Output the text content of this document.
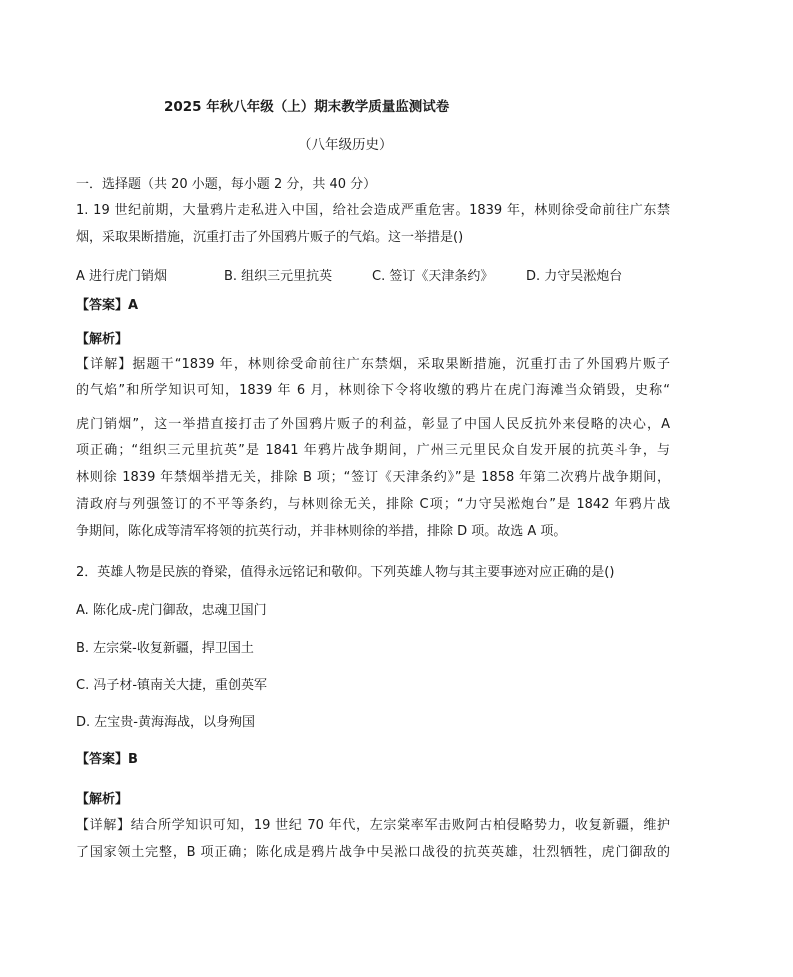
2025 年秋八年级（上）期末教学质量监测试卷
（八年级历史）
一．选择题（共 20 小题，每小题 2 分，共 40 分）
1. 19 世纪前期，大量鸦片走私进入中国，给社会造成严重危害。1839 年，林则徐受命前往广东禁
烟，采取果断措施，沉重打击了外国鸦片贩子的气焰。这一举措是()
A 进行虎门销烟	B. 组织三元里抗英	C. 签订《天津条约》	D. 力守吴淞炮台
【答案】A
【解析】
【详解】据题干“1839 年，林则徐受命前往广东禁烟，采取果断措施，沉重打击了外国鸦片贩子
的气焰”和所学知识可知，1839 年 6 月，林则徐下令将收缴的鸦片在虎门海滩当众销毁，史称“
虎门销烟”，这一举措直接打击了外国鸦片贩子的利益，彰显了中国人民反抗外来侵略的决心，A
项正确；“组织三元里抗英”是 1841 年鸦片战争期间，广州三元里民众自发开展的抗英斗争，与
林则徐 1839 年禁烟举措无关，排除 B 项；“签订《天津条约》”是 1858 年第二次鸦片战争期间，
清政府与列强签订的不平等条约，与林则徐无关，排除 C项；“力守吴淞炮台”是 1842 年鸦片战
争期间，陈化成等清军将领的抗英行动，并非林则徐的举措，排除 D 项。故选 A 项。
2．英雄人物是民族的脊梁，值得永远铭记和敬仰。下列英雄人物与其主要事迹对应正确的是()
A. 陈化成-虎门御敌，忠魂卫国门
B. 左宗棠-收复新疆，捍卫国土
C. 冯子材-镇南关大捷，重创英军
D. 左宝贵-黄海海战，以身殉国
【答案】B
【解析】
【详解】结合所学知识可知，19 世纪 70 年代，左宗棠率军击败阿古柏侵略势力，收复新疆，维护
了国家领土完整，B 项正确；陈化成是鸦片战争中吴淞口战役的抗英英雄，壮烈牺牲，虎门御敌的
